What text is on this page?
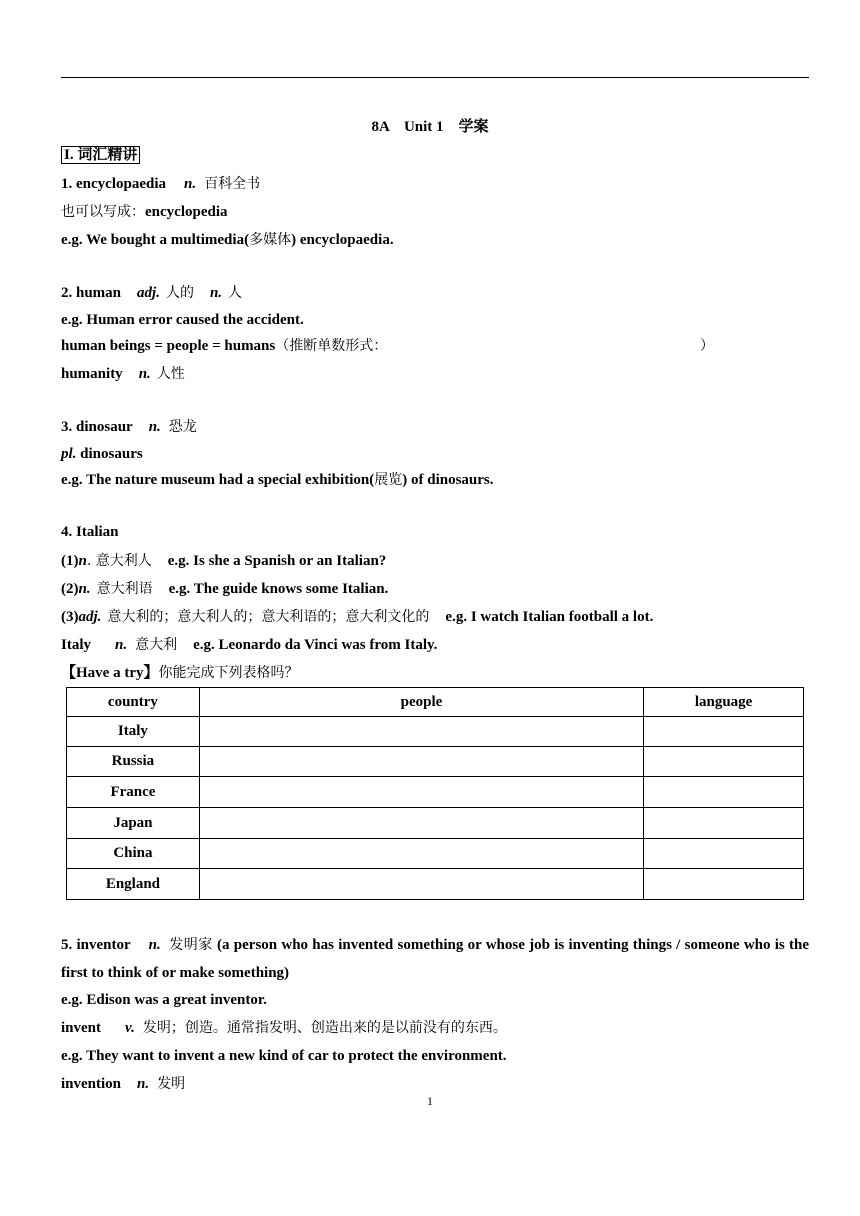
8A　Unit 1　学案
I. 词汇精讲
1. encyclopaedia n. 百科全书
也可以写成：encyclopedia
e.g. We bought a multimedia(多媒体) encyclopaedia.
2. human adj. 人的 n. 人
e.g. Human error caused the accident.
human beings = people = humans（推断单数形式：	）
humanity n. 人性
3. dinosaur n. 恐龙
pl. dinosaurs
e.g. The nature museum had a special exhibition(展览) of dinosaurs.
4. Italian
(1)n. 意大利人 e.g. Is she a Spanish or an Italian?
(2)n. 意大利语 e.g. The guide knows some Italian.
(3)adj. 意大利的；意大利人的；意大利语的；意大利文化的 e.g. I watch Italian football a lot.
Italy n. 意大利 e.g. Leonardo da Vinci was from Italy.
【Have a try】你能完成下列表格吗？
country	people	language
Italy		
Russia		
France		
Japan		
China		
England		
5. inventor n. 发明家 (a person who has invented something or whose job is inventing things / someone who is the first to think of or make something)
e.g. Edison was a great inventor.
invent v. 发明；创造。通常指发明、创造出来的是以前没有的东西。
e.g. They want to invent a new kind of car to protect the environment.
invention n. 发明
1
